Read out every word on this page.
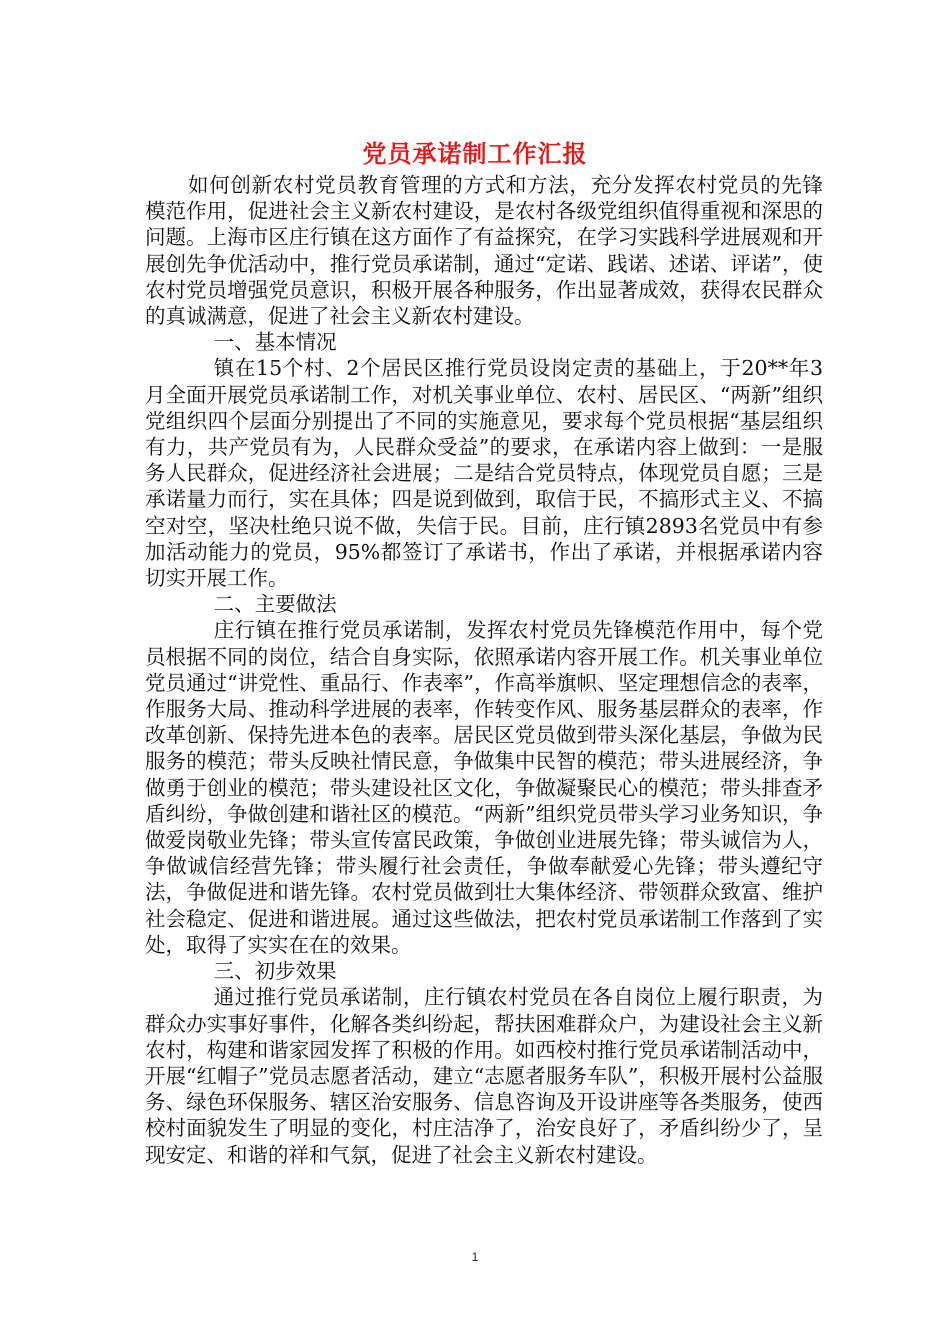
党员承诺制工作汇报

如何创新农村党员教育管理的方式和方法，充分发挥农村党员的先锋模范作用，促进社会主义新农村建设，是农村各级党组织值得重视和深思的问题。上海市区庄行镇在这方面作了有益探究，在学习实践科学进展观和开展创先争优活动中，推行党员承诺制，通过“定诺、践诺、述诺、评诺”，使农村党员增强党员意识，积极开展各种服务，作出显著成效，获得农民群众的真诚满意，促进了社会主义新农村建设。

一、基本情况

镇在15个村、2个居民区推行党员设岗定责的基础上，于20**年3月全面开展党员承诺制工作，对机关事业单位、农村、居民区、“两新”组织党组织四个层面分别提出了不同的实施意见，要求每个党员根据“基层组织有力，共产党员有为，人民群众受益”的要求，在承诺内容上做到：一是服务人民群众，促进经济社会进展；二是结合党员特点，体现党员自愿；三是承诺量力而行，实在具体；四是说到做到，取信于民，不搞形式主义、不搞空对空，坚决杜绝只说不做，失信于民。目前，庄行镇2893名党员中有参加活动能力的党员，95%都签订了承诺书，作出了承诺，并根据承诺内容切实开展工作。

二、主要做法

庄行镇在推行党员承诺制，发挥农村党员先锋模范作用中，每个党员根据不同的岗位，结合自身实际，依照承诺内容开展工作。机关事业单位党员通过“讲党性、重品行、作表率”，作高举旗帜、坚定理想信念的表率，作服务大局、推动科学进展的表率，作转变作风、服务基层群众的表率，作改革创新、保持先进本色的表率。居民区党员做到带头深化基层，争做为民服务的模范；带头反映社情民意，争做集中民智的模范；带头进展经济，争做勇于创业的模范；带头建设社区文化，争做凝聚民心的模范；带头排查矛盾纠纷，争做创建和谐社区的模范。“两新”组织党员带头学习业务知识，争做爱岗敬业先锋；带头宣传富民政策，争做创业进展先锋；带头诚信为人，争做诚信经营先锋；带头履行社会责任，争做奉献爱心先锋；带头遵纪守法，争做促进和谐先锋。农村党员做到壮大集体经济、带领群众致富、维护社会稳定、促进和谐进展。通过这些做法，把农村党员承诺制工作落到了实处，取得了实实在在的效果。

三、初步效果

通过推行党员承诺制，庄行镇农村党员在各自岗位上履行职责，为群众办实事好事件，化解各类纠纷起，帮扶困难群众户，为建设社会主义新农村，构建和谐家园发挥了积极的作用。如西校村推行党员承诺制活动中，开展“红帽子”党员志愿者活动，建立“志愿者服务车队”，积极开展村公益服务、绿色环保服务、辖区治安服务、信息咨询及开设讲座等各类服务，使西校村面貌发生了明显的变化，村庄洁净了，治安良好了，矛盾纠纷少了，呈现安定、和谐的祥和气氛，促进了社会主义新农村建设。

1
